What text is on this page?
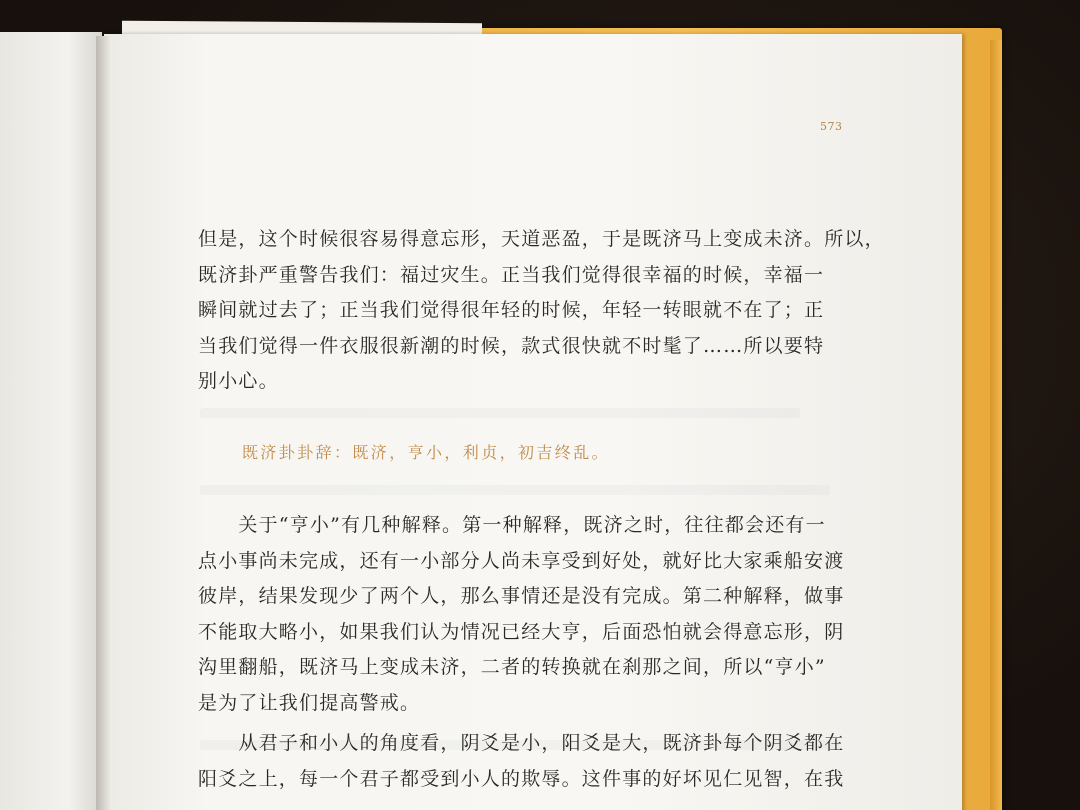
573
但是，这个时候很容易得意忘形，天道恶盈，于是既济马上变成未济。所以，
既济卦严重警告我们：福过灾生。正当我们觉得很幸福的时候，幸福一
瞬间就过去了；正当我们觉得很年轻的时候，年轻一转眼就不在了；正
当我们觉得一件衣服很新潮的时候，款式很快就不时髦了……所以要特
别小心。
既济卦卦辞：既济，亨小，利贞，初吉终乱。
　　关于“亨小”有几种解释。第一种解释，既济之时，往往都会还有一
点小事尚未完成，还有一小部分人尚未享受到好处，就好比大家乘船安渡
彼岸，结果发现少了两个人，那么事情还是没有完成。第二种解释，做事
不能取大略小，如果我们认为情况已经大亨，后面恐怕就会得意忘形，阴
沟里翻船，既济马上变成未济，二者的转换就在刹那之间，所以“亨小”
是为了让我们提高警戒。
　　从君子和小人的角度看，阴爻是小，阳爻是大，既济卦每个阴爻都在
阳爻之上，每一个君子都受到小人的欺辱。这件事的好坏见仁见智，在我
